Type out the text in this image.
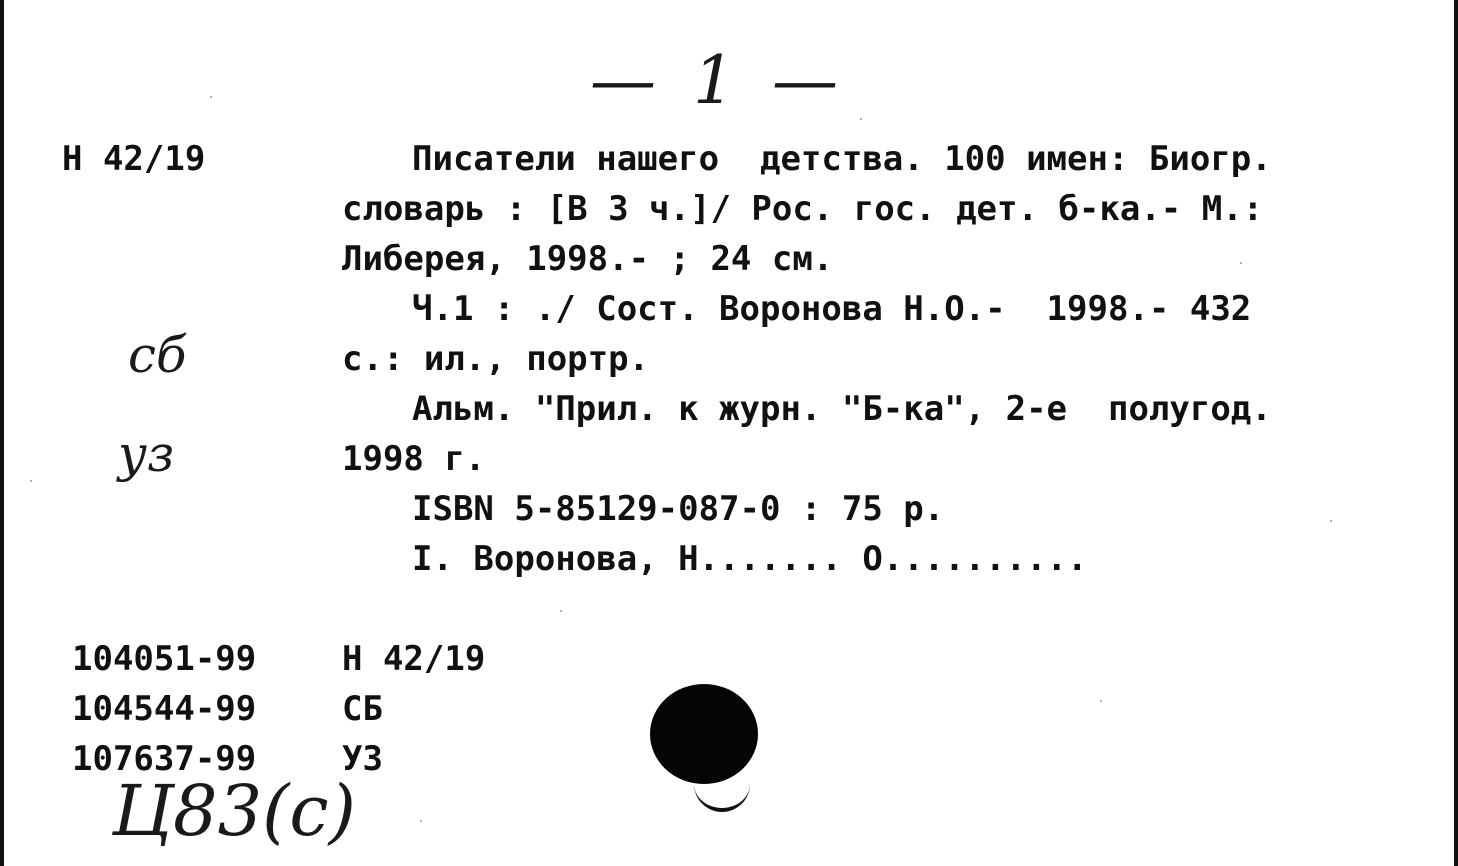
— 1 —
Н 42/19	Писатели нашего  детства. 100 имен: Биогр.
словарь : [В 3 ч.]/ Рос. гос. дет. б-ка.- М.:
Либерея, 1998.- ; 24 см.
Ч.1 : ./ Сост. Воронова Н.О.-  1998.- 432
с.: ил., портр.
Альм. "Прил. к журн. "Б-ка", 2-е  полугод.
1998 г.
ISBN 5-85129-087-0 : 75 р.
I. Воронова, Н....... О..........
сб
уз
104051-99	Н 42/19
104544-99	СБ
107637-99	УЗ
Ц83(с)
